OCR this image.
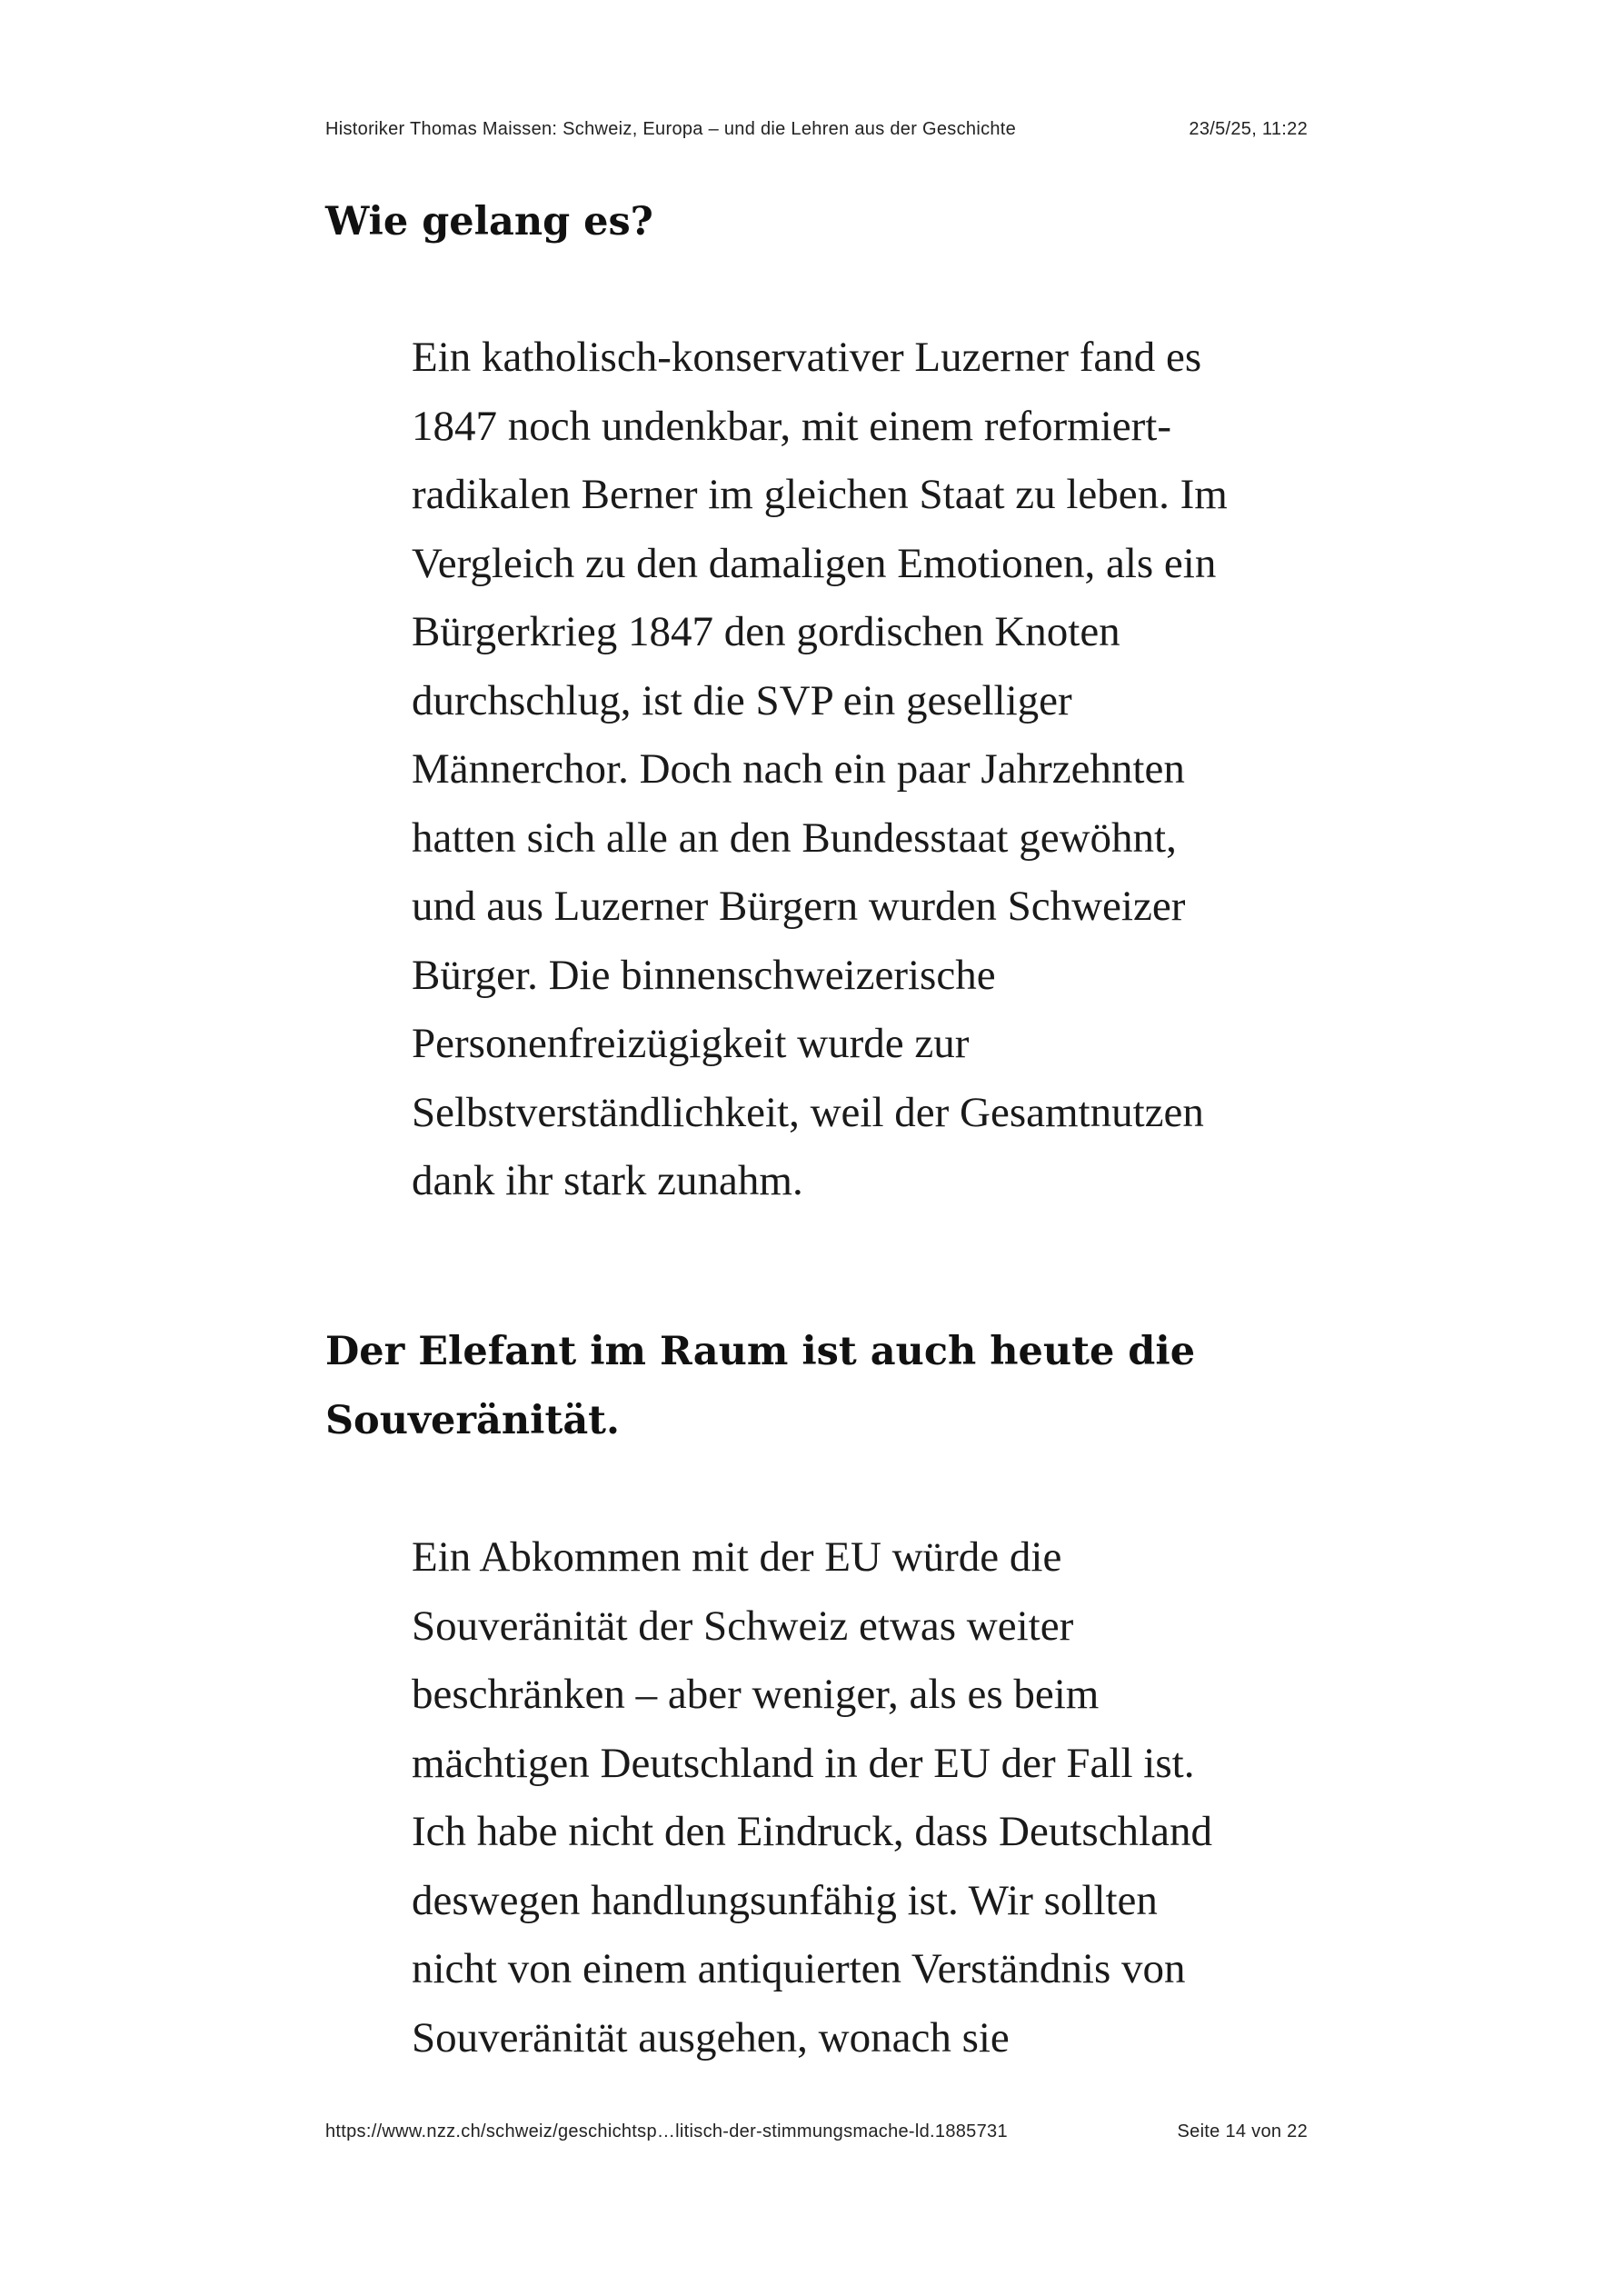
Historiker Thomas Maissen: Schweiz, Europa – und die Lehren aus der Geschichte	23/5/25, 11:22
Wie gelang es?
Ein katholisch-konservativer Luzerner fand es
1847 noch undenkbar, mit einem reformiert-
radikalen Berner im gleichen Staat zu leben. Im
Vergleich zu den damaligen Emotionen, als ein
Bürgerkrieg 1847 den gordischen Knoten
durchschlug, ist die SVP ein geselliger
Männerchor. Doch nach ein paar Jahrzehnten
hatten sich alle an den Bundesstaat gewöhnt,
und aus Luzerner Bürgern wurden Schweizer
Bürger. Die binnenschweizerische
Personenfreizügigkeit wurde zur
Selbstverständlichkeit, weil der Gesamtnutzen
dank ihr stark zunahm.
Der Elefant im Raum ist auch heute die
Souveränität.
Ein Abkommen mit der EU würde die
Souveränität der Schweiz etwas weiter
beschränken – aber weniger, als es beim
mächtigen Deutschland in der EU der Fall ist.
Ich habe nicht den Eindruck, dass Deutschland
deswegen handlungsunfähig ist. Wir sollten
nicht von einem antiquierten Verständnis von
Souveränität ausgehen, wonach sie
https://www.nzz.ch/schweiz/geschichtsp…litisch-der-stimmungsmache-ld.1885731	Seite 14 von 22
